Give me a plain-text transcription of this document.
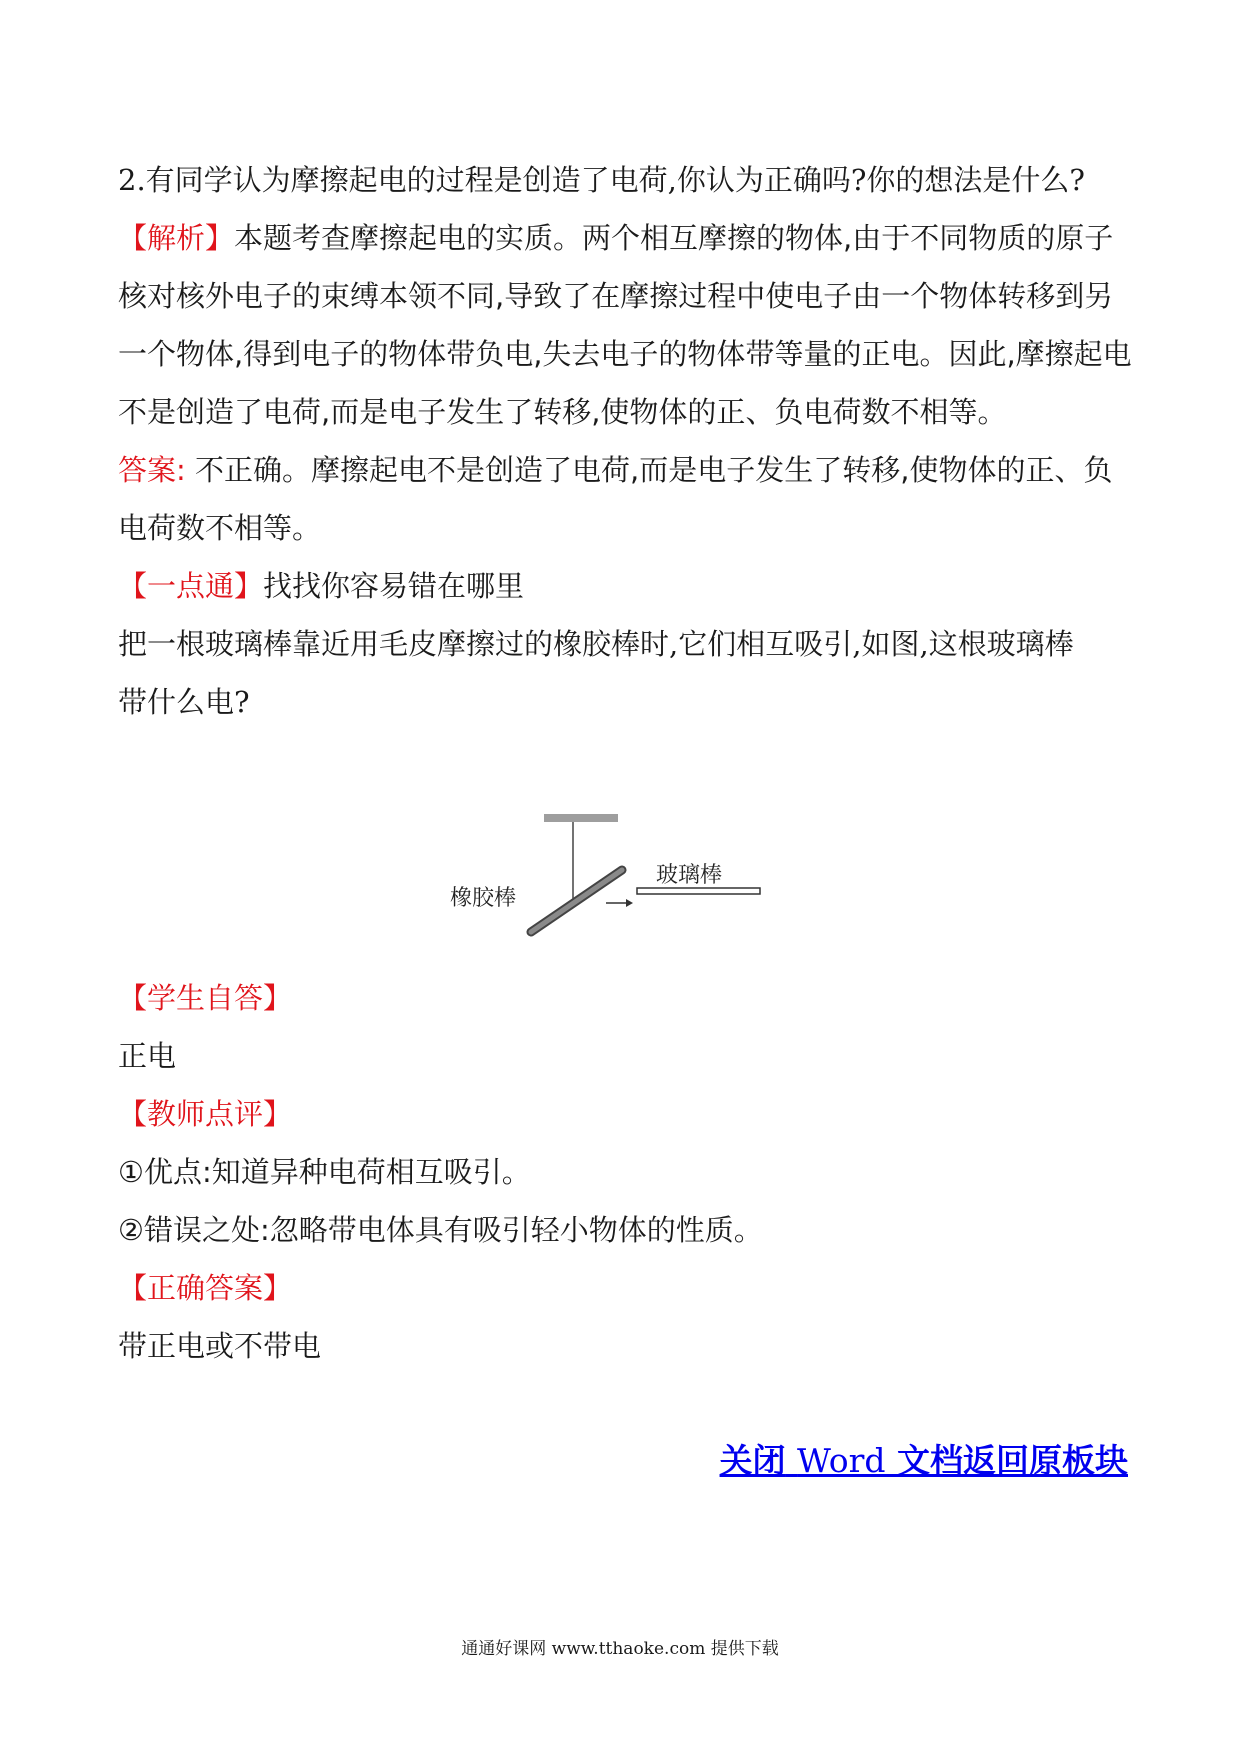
2.有同学认为摩擦起电的过程是创造了电荷,你认为正确吗?你的想法是什么?
【解析】本题考查摩擦起电的实质。两个相互摩擦的物体,由于不同物质的原子
核对核外电子的束缚本领不同,导致了在摩擦过程中使电子由一个物体转移到另
一个物体,得到电子的物体带负电,失去电子的物体带等量的正电。因此,摩擦起电
不是创造了电荷,而是电子发生了转移,使物体的正、负电荷数不相等。
答案: 不正确。摩擦起电不是创造了电荷,而是电子发生了转移,使物体的正、负
电荷数不相等。
【一点通】找找你容易错在哪里
把一根玻璃棒靠近用毛皮摩擦过的橡胶棒时,它们相互吸引,如图,这根玻璃棒
带什么电?
橡胶棒
玻璃棒
【学生自答】
正电
【教师点评】
①优点:知道异种电荷相互吸引。
②错误之处:忽略带电体具有吸引轻小物体的性质。
【正确答案】
带正电或不带电
关闭 Word 文档返回原板块
通通好课网 www.tthaoke.com 提供下载
